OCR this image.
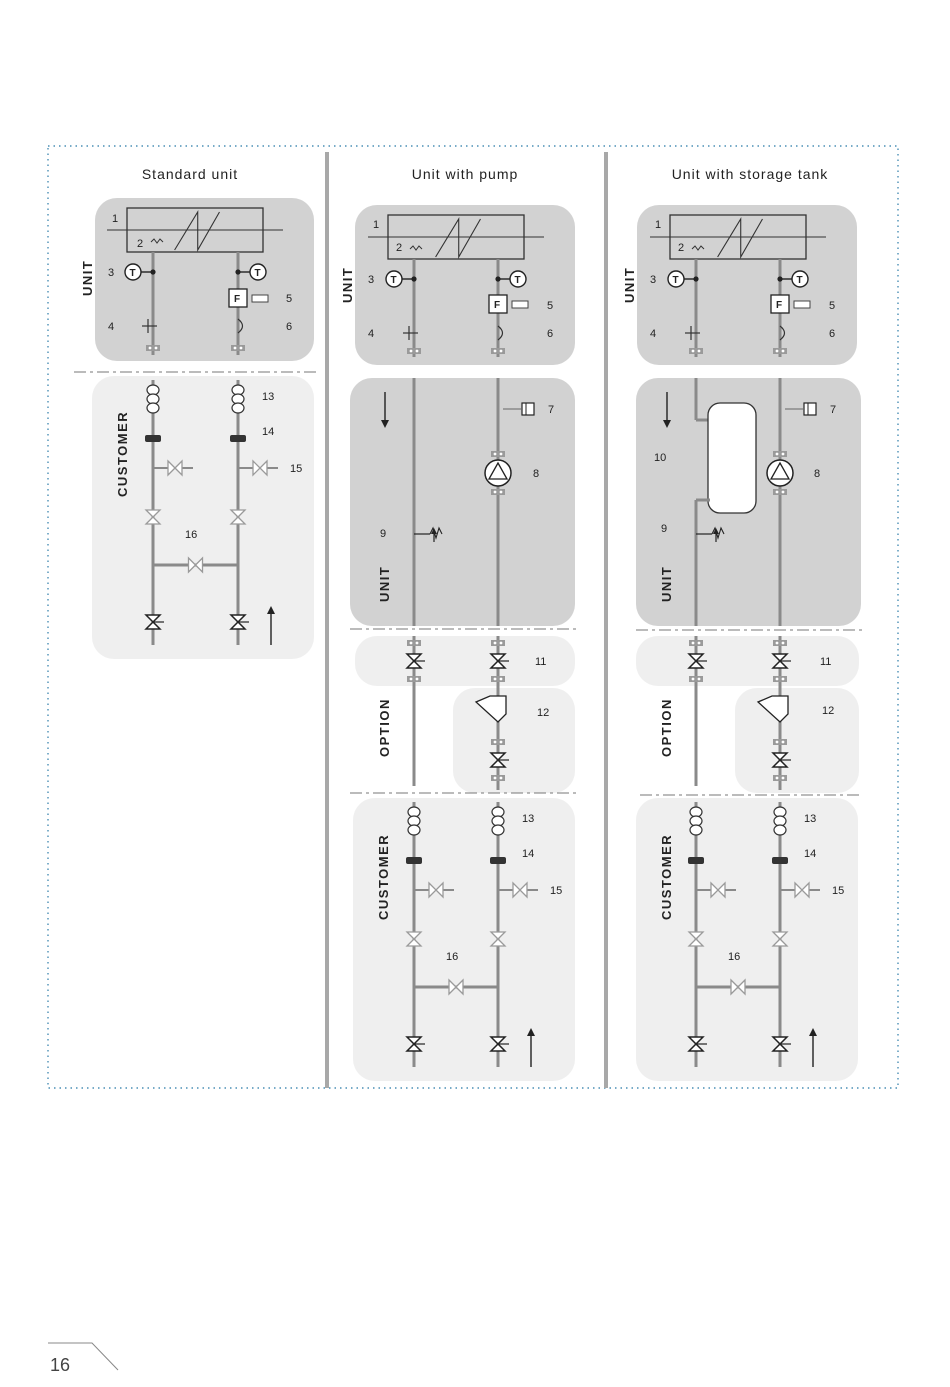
1
2
T	T
3
F	5
4	6
UNIT
13
14
15
16
CUSTOMER
1
2
T	T
3
F	5
4	6
UNIT
7
8
9
UNIT
11
12
OPTION
13
14
15
16
CUSTOMER
1
2
T	T
3
F	5
4	6
UNIT
10
7
8
9
UNIT
11
12
OPTION
13
14
15
16
CUSTOMER
Standard unit	Unit with pump	Unit with storage tank
16
